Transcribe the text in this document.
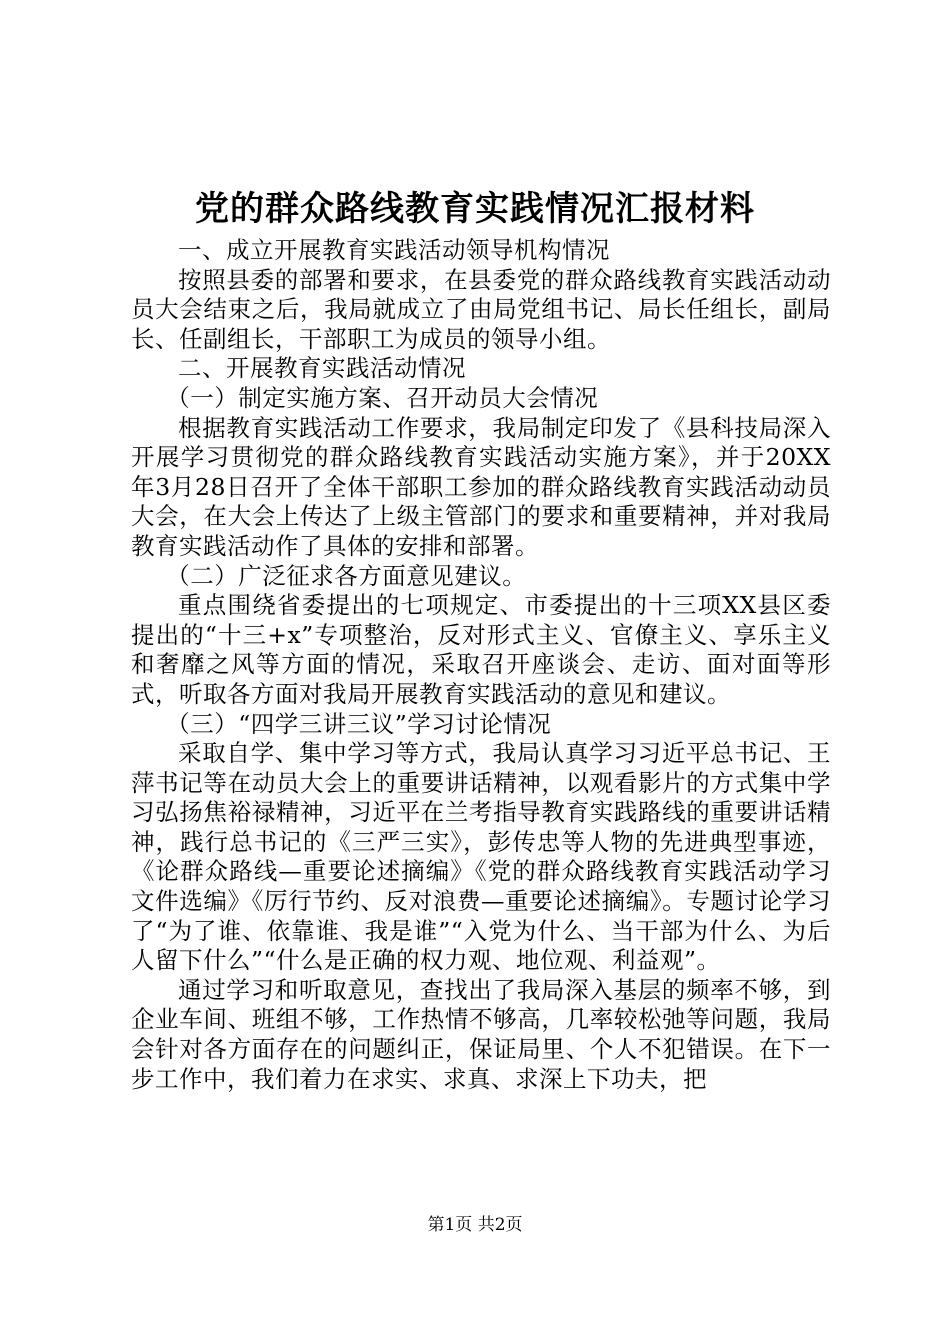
党的群众路线教育实践情况汇报材料

一、成立开展教育实践活动领导机构情况

按照县委的部署和要求，在县委党的群众路线教育实践活动动员大会结束之后，我局就成立了由局党组书记、局长任组长，副局长、任副组长，干部职工为成员的领导小组。

二、开展教育实践活动情况

（一）制定实施方案、召开动员大会情况

根据教育实践活动工作要求，我局制定印发了《县科技局深入开展学习贯彻党的群众路线教育实践活动实施方案》，并于20XX年3月28日召开了全体干部职工参加的群众路线教育实践活动动员大会，在大会上传达了上级主管部门的要求和重要精神，并对我局教育实践活动作了具体的安排和部署。

（二）广泛征求各方面意见建议。

重点围绕省委提出的七项规定、市委提出的十三项XX县区委提出的“十三+x”专项整治，反对形式主义、官僚主义、享乐主义和奢靡之风等方面的情况，采取召开座谈会、走访、面对面等形式，听取各方面对我局开展教育实践活动的意见和建议。

（三）“四学三讲三议”学习讨论情况

采取自学、集中学习等方式，我局认真学习习近平总书记、王萍书记等在动员大会上的重要讲话精神，以观看影片的方式集中学习弘扬焦裕禄精神，习近平在兰考指导教育实践路线的重要讲话精神，践行总书记的《三严三实》，彭传忠等人物的先进典型事迹，《论群众路线—重要论述摘编》《党的群众路线教育实践活动学习文件选编》《厉行节约、反对浪费—重要论述摘编》。专题讨论学习了“为了谁、依靠谁、我是谁”“入党为什么、当干部为什么、为后人留下什么”“什么是正确的权力观、地位观、利益观”。

通过学习和听取意见，查找出了我局深入基层的频率不够，到企业车间、班组不够，工作热情不够高，几率较松弛等问题，我局会针对各方面存在的问题纠正，保证局里、个人不犯错误。在下一步工作中，我们着力在求实、求真、求深上下功夫，把

第1页 共2页
